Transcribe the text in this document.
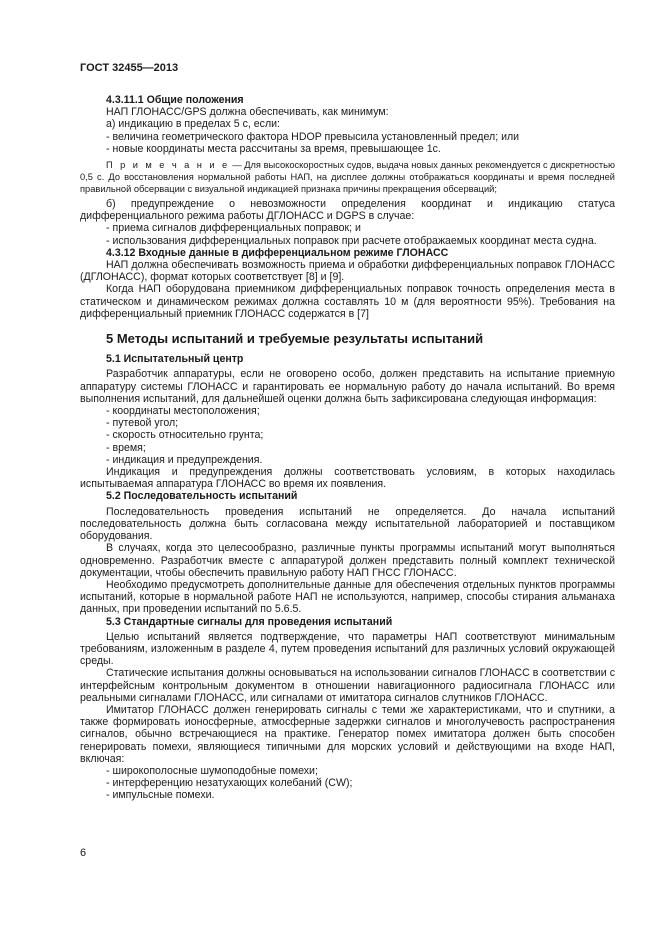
ГОСТ 32455—2013
4.3.11.1 Общие положения
НАП ГЛОНАСС/GPS должна обеспечивать, как минимум:
а) индикацию в пределах 5 с, если:
- величина геометрического фактора HDOP превысила установленный предел; или
- новые координаты места рассчитаны за время, превышающее 1с.
П р и м е ч а н и е — Для высокоскоростных судов, выдача новых данных рекомендуется с дискретностью 0,5 с. До восстановления нормальной работы НАП, на дисплее должны отображаться координаты и время последней правильной обсервации с визуальной индикацией признака причины прекращения обсерваций;
б) предупреждение о невозможности определения координат и индикацию статуса дифференциального режима работы ДГЛОНАСС и DGPS в случае:
- приема сигналов дифференциальных поправок; и
- использования дифференциальных поправок при расчете отображаемых координат места судна.
4.3.12 Входные данные в дифференциальном режиме ГЛОНАСС
НАП должна обеспечивать возможность приема и обработки дифференциальных поправок ГЛОНАСС (ДГЛОНАСС), формат которых соответствует [8] и [9].
Когда НАП оборудована приемником дифференциальных поправок точность определения места в статическом и динамическом режимах должна составлять 10 м (для вероятности 95%). Требования на дифференциальный приемник ГЛОНАСС содержатся в [7]
5 Методы испытаний и требуемые результаты испытаний
5.1 Испытательный центр
Разработчик аппаратуры, если не оговорено особо, должен представить на испытание приемную аппаратуру системы ГЛОНАСС и гарантировать ее нормальную работу до начала испытаний. Во время выполнения испытаний, для дальнейшей оценки должна быть зафиксирована следующая информация:
- координаты местоположения;
- путевой угол;
- скорость относительно грунта;
- время;
- индикация и предупреждения.
Индикация и предупреждения должны соответствовать условиям, в которых находилась испытываемая аппаратура ГЛОНАСС во время их появления.
5.2 Последовательность испытаний
Последовательность проведения испытаний не определяется. До начала испытаний последовательность должна быть согласована между испытательной лабораторией и поставщиком оборудования.
В случаях, когда это целесообразно, различные пункты программы испытаний могут выполняться одновременно. Разработчик вместе с аппаратурой должен представить полный комплект технической документации, чтобы обеспечить правильную работу НАП ГНСС ГЛОНАСС.
Необходимо предусмотреть дополнительные данные для обеспечения отдельных пунктов программы испытаний, которые в нормальной работе НАП не используются, например, способы стирания альманаха данных, при проведении испытаний по 5.6.5.
5.3 Стандартные сигналы для проведения испытаний
Целью испытаний является подтверждение, что параметры НАП соответствуют минимальным требованиям, изложенным в разделе 4, путем проведения испытаний для различных условий окружающей среды.
Статические испытания должны основываться на использовании сигналов ГЛОНАСС в соответствии с интерфейсным контрольным документом в отношении навигационного радиосигнала ГЛОНАСС или реальными сигналами ГЛОНАСС, или сигналами от имитатора сигналов слутников ГЛОНАСС.
Имитатор ГЛОНАСС должен генерировать сигналы с теми же характеристиками, что и спутники, а также формировать ионосферные, атмосферные задержки сигналов и многолучевость распространения сигналов, обычно встречающиеся на практике. Генератор помех имитатора должен быть способен генерировать помехи, являющиеся типичными для морских условий и действующими на входе НАП, включая:
- широкополосные шумоподобные помехи;
- интерференцию незатухающих колебаний (CW);
- импульсные помехи.
6
